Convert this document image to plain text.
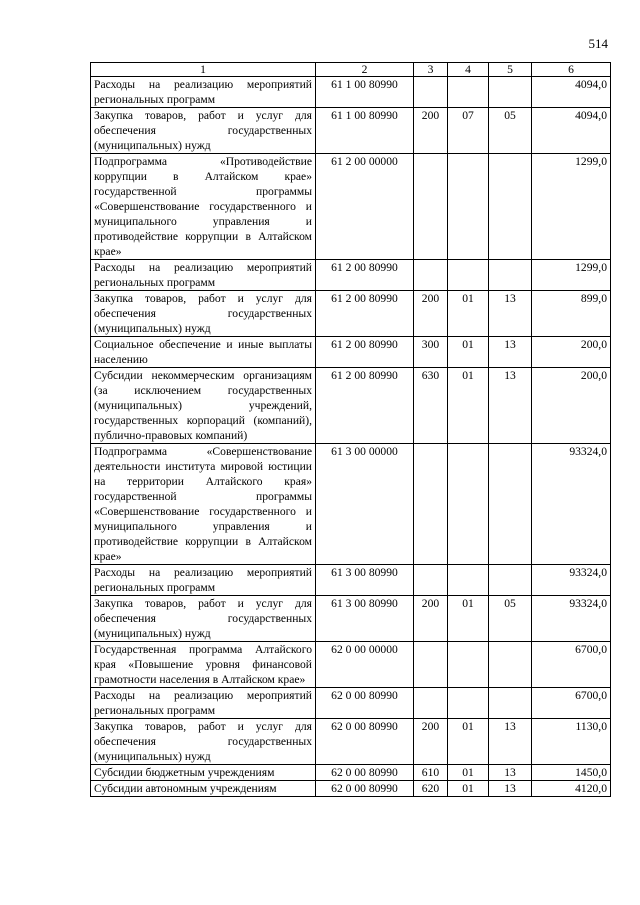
514
1	2	3	4	5	6
Расходы на реализацию мероприятий региональных программ	61 1 00 80990				4094,0
Закупка товаров, работ и услуг для обеспечения государственных (муниципальных) нужд	61 1 00 80990	200	07	05	4094,0
Подпрограмма «Противодействие коррупции в Алтайском крае» государственной программы «Совершенствование государственного и муниципального управления и противодействие коррупции в Алтайском крае»	61 2 00 00000				1299,0
Расходы на реализацию мероприятий региональных программ	61 2 00 80990				1299,0
Закупка товаров, работ и услуг для обеспечения государственных (муниципальных) нужд	61 2 00 80990	200	01	13	899,0
Социальное обеспечение и иные выплаты населению	61 2 00 80990	300	01	13	200,0
Субсидии некоммерческим организациям (за исключением государственных (муниципальных) учреждений, государственных корпораций (компаний), публично-правовых компаний)	61 2 00 80990	630	01	13	200,0
Подпрограмма «Совершенствование деятельности института мировой юстиции на территории Алтайского края» государственной программы «Совершенствование государственного и муниципального управления и противодействие коррупции в Алтайском крае»	61 3 00 00000				93324,0
Расходы на реализацию мероприятий региональных программ	61 3 00 80990				93324,0
Закупка товаров, работ и услуг для обеспечения государственных (муниципальных) нужд	61 3 00 80990	200	01	05	93324,0
Государственная программа Алтайского края «Повышение уровня финансовой грамотности населения в Алтайском крае»	62 0 00 00000				6700,0
Расходы на реализацию мероприятий региональных программ	62 0 00 80990				6700,0
Закупка товаров, работ и услуг для обеспечения государственных (муниципальных) нужд	62 0 00 80990	200	01	13	1130,0
Субсидии бюджетным учреждениям	62 0 00 80990	610	01	13	1450,0
Субсидии автономным учреждениям	62 0 00 80990	620	01	13	4120,0
